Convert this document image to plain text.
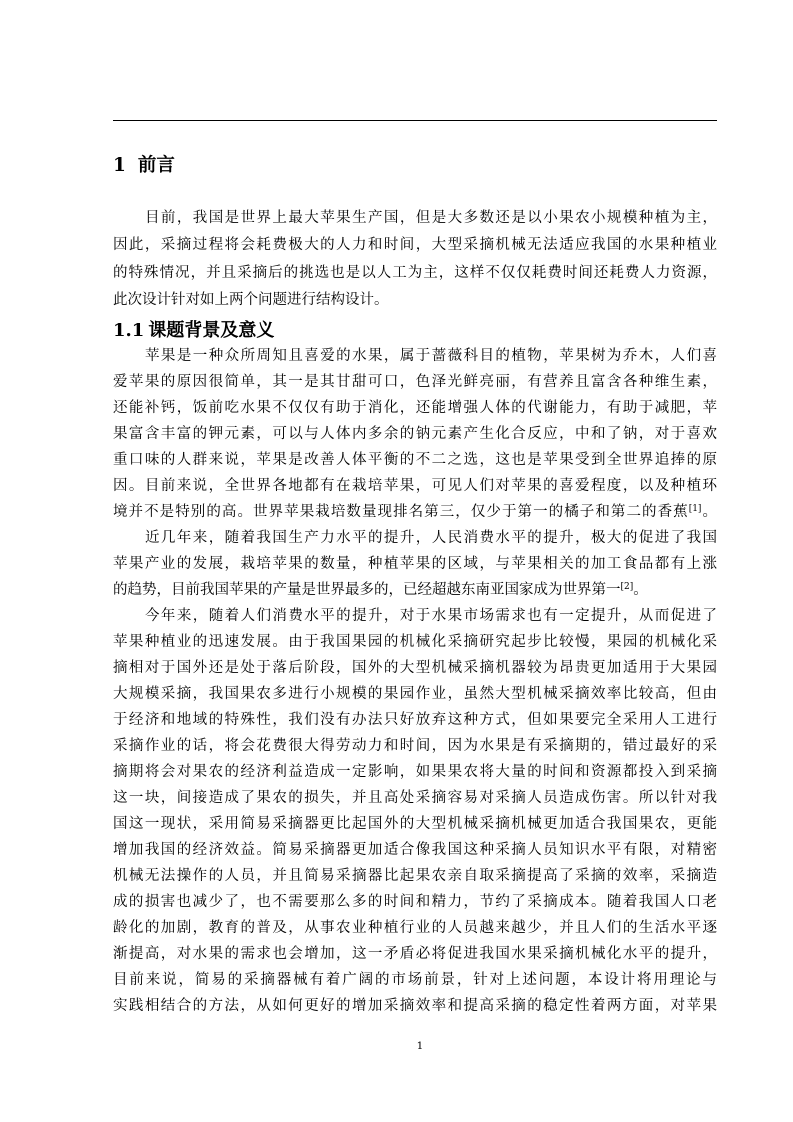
1 前言
目前，我国是世界上最大苹果生产国，但是大多数还是以小果农小规模种植为主，
因此，采摘过程将会耗费极大的人力和时间，大型采摘机械无法适应我国的水果种植业
的特殊情况，并且采摘后的挑选也是以人工为主，这样不仅仅耗费时间还耗费人力资源，
此次设计针对如上两个问题进行结构设计。
1.1 课题背景及意义
苹果是一种众所周知且喜爱的水果，属于蔷薇科目的植物，苹果树为乔木，人们喜
爱苹果的原因很简单，其一是其甘甜可口，色泽光鲜亮丽，有营养且富含各种维生素，
还能补钙，饭前吃水果不仅仅有助于消化，还能增强人体的代谢能力，有助于减肥，苹
果富含丰富的钾元素，可以与人体内多余的钠元素产生化合反应，中和了钠，对于喜欢
重口味的人群来说，苹果是改善人体平衡的不二之选，这也是苹果受到全世界追捧的原
因。目前来说，全世界各地都有在栽培苹果，可见人们对苹果的喜爱程度，以及种植环
境并不是特别的高。世界苹果栽培数量现排名第三，仅少于第一的橘子和第二的香蕉[1]。
近几年来，随着我国生产力水平的提升，人民消费水平的提升，极大的促进了我国
苹果产业的发展，栽培苹果的数量，种植苹果的区域，与苹果相关的加工食品都有上涨
的趋势，目前我国苹果的产量是世界最多的，已经超越东南亚国家成为世界第一[2]。
今年来，随着人们消费水平的提升，对于水果市场需求也有一定提升，从而促进了
苹果种植业的迅速发展。由于我国果园的机械化采摘研究起步比较慢，果园的机械化采
摘相对于国外还是处于落后阶段，国外的大型机械采摘机器较为昂贵更加适用于大果园
大规模采摘，我国果农多进行小规模的果园作业，虽然大型机械采摘效率比较高，但由
于经济和地域的特殊性，我们没有办法只好放弃这种方式，但如果要完全采用人工进行
采摘作业的话，将会花费很大得劳动力和时间，因为水果是有采摘期的，错过最好的采
摘期将会对果农的经济利益造成一定影响，如果果农将大量的时间和资源都投入到采摘
这一块，间接造成了果农的损失，并且高处采摘容易对采摘人员造成伤害。所以针对我
国这一现状，采用简易采摘器更比起国外的大型机械采摘机械更加适合我国果农，更能
增加我国的经济效益。简易采摘器更加适合像我国这种采摘人员知识水平有限，对精密
机械无法操作的人员，并且简易采摘器比起果农亲自取采摘提高了采摘的效率，采摘造
成的损害也减少了，也不需要那么多的时间和精力，节约了采摘成本。随着我国人口老
龄化的加剧，教育的普及，从事农业种植行业的人员越来越少，并且人们的生活水平逐
渐提高，对水果的需求也会增加，这一矛盾必将促进我国水果采摘机械化水平的提升，
目前来说，简易的采摘器械有着广阔的市场前景，针对上述问题，本设计将用理论与
实践相结合的方法，从如何更好的增加采摘效率和提高采摘的稳定性着两方面，对苹果
1
